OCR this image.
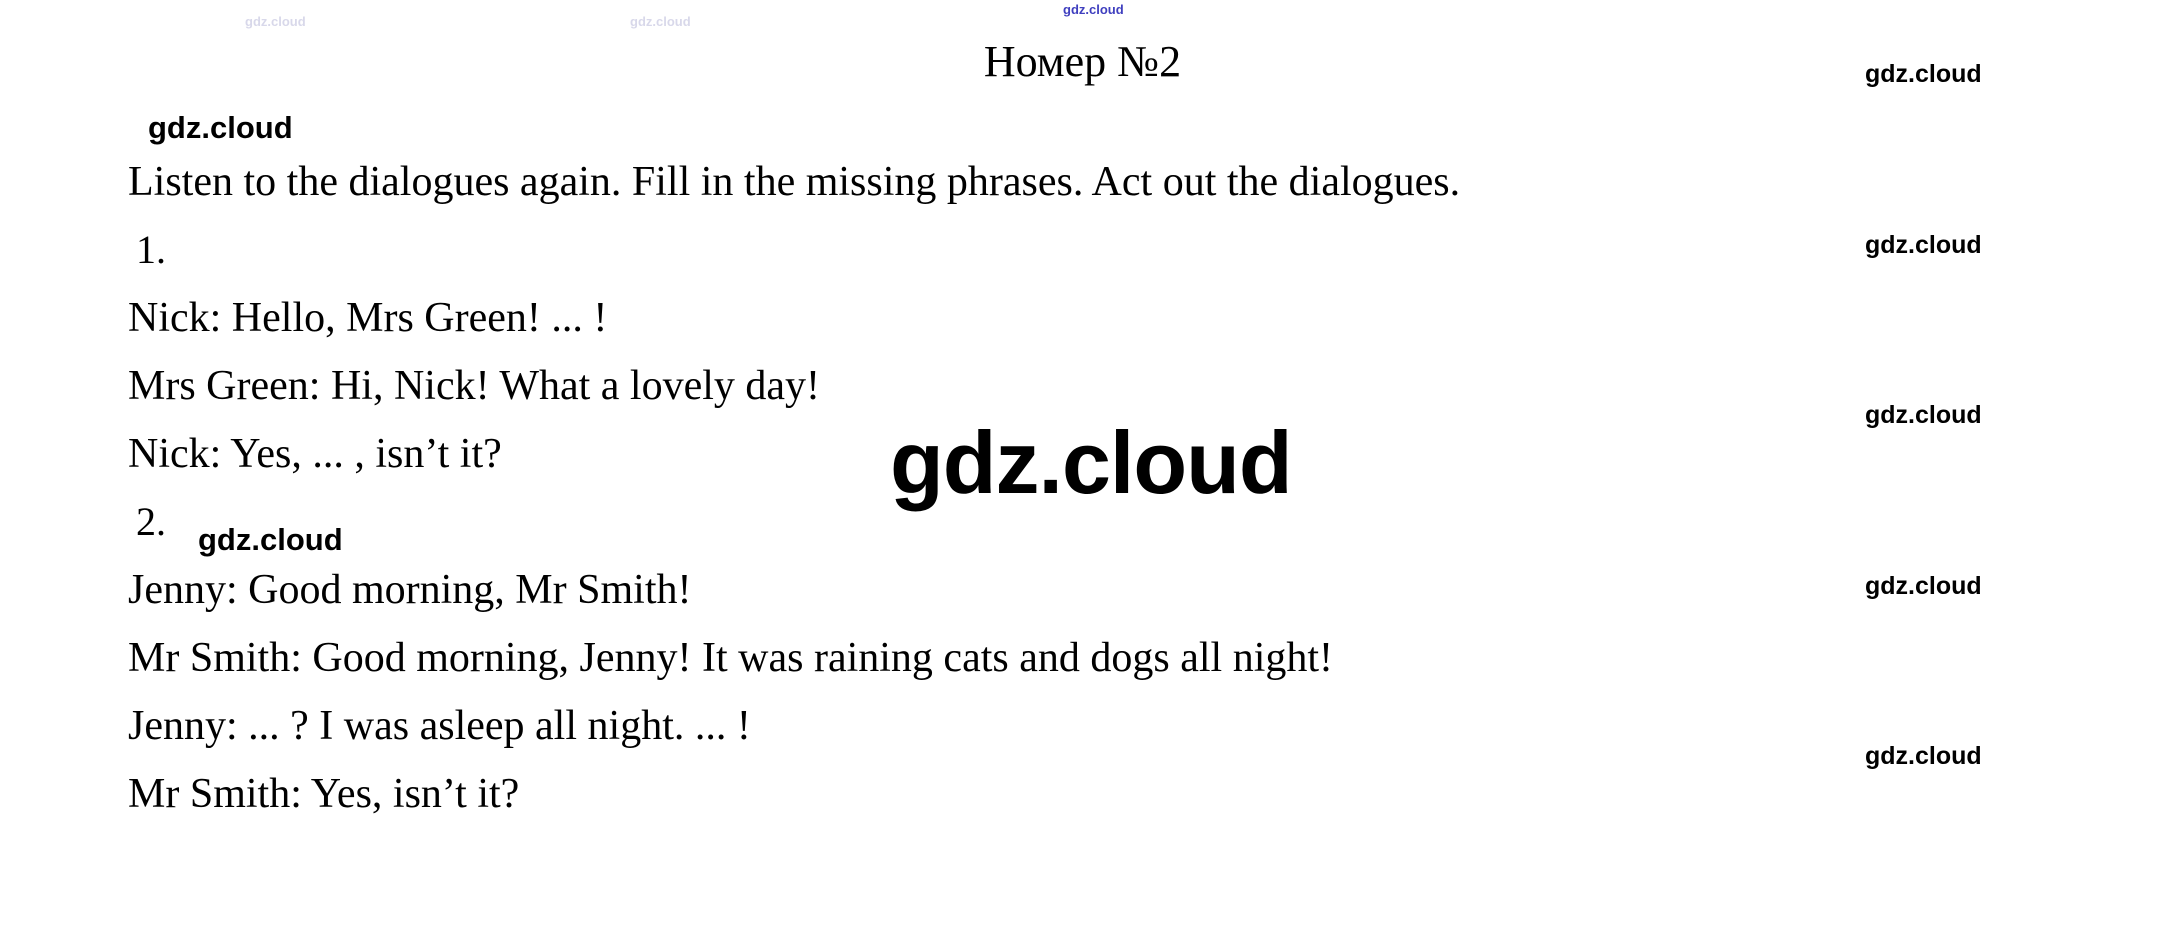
Номер №2
Listen to the dialogues again. Fill in the missing phrases. Act out the dialogues.
1.
Nick: Hello, Mrs Green! ... !
Mrs Green: Hi, Nick! What a lovely day!
Nick: Yes, ... , isn’t it?
2.
Jenny: Good morning, Mr Smith!
Mr Smith: Good morning, Jenny! It was raining cats and dogs all night!
Jenny: ... ? I was asleep all night. ... !
Mr Smith: Yes, isn’t it?
gdz.cloud
gdz.cloud	gdz.cloud
gdz.cloud
gdz.cloud
gdz.cloud
gdz.cloud
gdz.cloud
gdz.cloud
gdz.cloud
gdz.cloud
